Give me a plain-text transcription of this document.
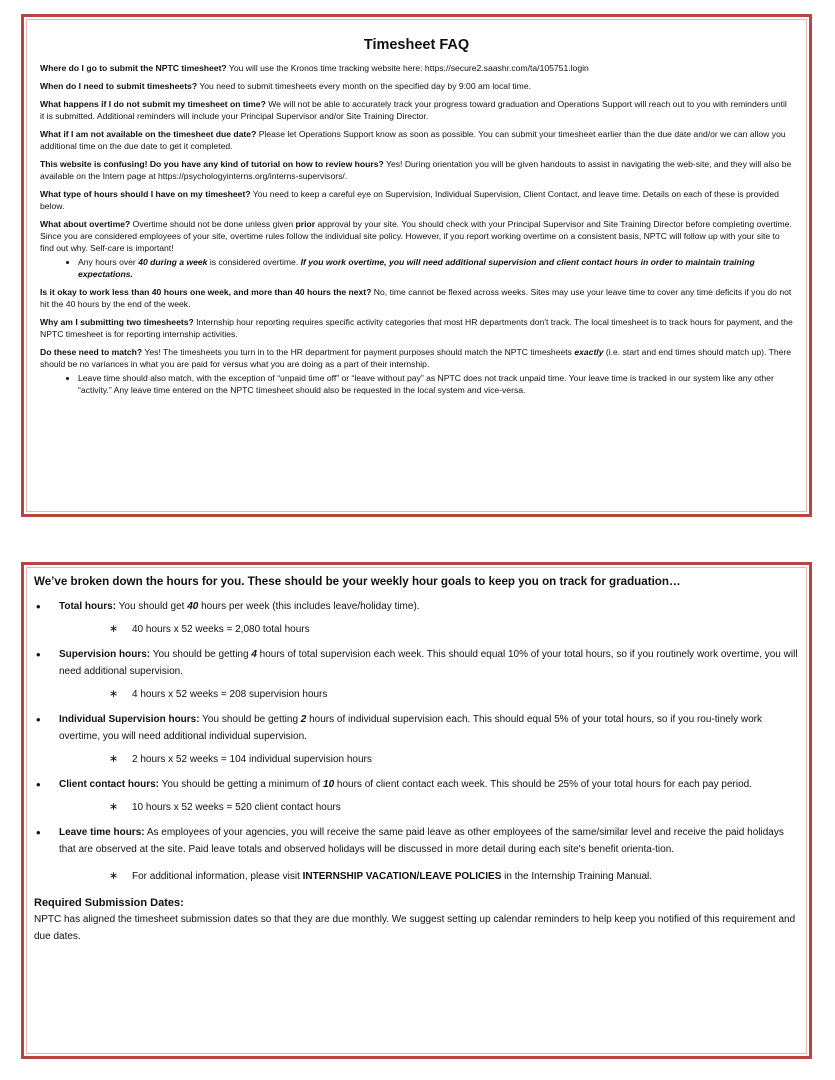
Timesheet FAQ

Where do I go to submit the NPTC timesheet? You will use the Kronos time tracking website here: https://secure2.saashr.com/ta/105751.login

When do I need to submit timesheets? You need to submit timesheets every month on the specified day by 9:00 am local time.

What happens if I do not submit my timesheet on time? We will not be able to accurately track your progress toward graduation and Operations Support will reach out to you with reminders until it is submitted. Additional reminders will include your Principal Supervisor and/or Site Training Director.

What if I am not available on the timesheet due date? Please let Operations Support know as soon as possible. You can submit your timesheet earlier than the due date and/or we can allow you additional time on the due date to get it completed.

This website is confusing! Do you have any kind of tutorial on how to review hours? Yes! During orientation you will be given handouts to assist in navigating the web-site, and they will also be available on the Intern page at https://psychologyinterns.org/interns-supervisors/.

What type of hours should I have on my timesheet? You need to keep a careful eye on Supervision, Individual Supervision, Client Contact, and leave time. Details on each of these is provided below.

What about overtime? Overtime should not be done unless given prior approval by your site. You should check with your Principal Supervisor and Site Training Director before completing overtime. Since you are considered employees of your site, overtime rules follow the individual site policy. However, if you report working overtime on a consistent basis, NPTC will follow up with your site to find out why. Self-care is important!

• Any hours over 40 during a week is considered overtime. If you work overtime, you will need additional supervision and client contact hours in order to maintain training expectations.

Is it okay to work less than 40 hours one week, and more than 40 hours the next? No, time cannot be flexed across weeks. Sites may use your leave time to cover any time deficits if you do not hit the 40 hours by the end of the week.

Why am I submitting two timesheets? Internship hour reporting requires specific activity categories that most HR departments don't track. The local timesheet is to track hours for payment, and the NPTC timesheet is for reporting internship activities.

Do these need to match? Yes! The timesheets you turn in to the HR department for payment purposes should match the NPTC timesheets exactly (i.e. start and end times should match up). There should be no variances in what you are paid for versus what you are doing as a part of their internship.

• Leave time should also match, with the exception of “unpaid time off” or “leave without pay” as NPTC does not track unpaid time. Your leave time is tracked in our system like any other “activity.” Any leave time entered on the NPTC timesheet should also be requested in the local system and vice-versa.
We’ve broken down the hours for you. These should be your weekly hour goals to keep you on track for graduation…
• Total hours: You should get 40 hours per week (this includes leave/holiday time).
∗ 40 hours x 52 weeks = 2,080 total hours
• Supervision hours: You should be getting 4 hours of total supervision each week. This should equal 10% of your total hours, so if you routinely work overtime, you will need additional supervision.
∗ 4 hours x 52 weeks = 208 supervision hours
• Individual Supervision hours: You should be getting 2 hours of individual supervision each. This should equal 5% of your total hours, so if you rou-tinely work overtime, you will need additional individual supervision.
∗ 2 hours x 52 weeks = 104 individual supervision hours
• Client contact hours: You should be getting a minimum of 10 hours of client contact each week. This should be 25% of your total hours for each pay period.
∗ 10 hours x 52 weeks = 520 client contact hours
• Leave time hours: As employees of your agencies, you will receive the same paid leave as other employees of the same/similar level and receive the paid holidays that are observed at the site. Paid leave totals and observed holidays will be discussed in more detail during each site's benefit orienta-tion.
∗ For additional information, please visit INTERNSHIP VACATION/LEAVE POLICIES in the Internship Training Manual.
Required Submission Dates:

NPTC has aligned the timesheet submission dates so that they are due monthly. We suggest setting up calendar reminders to help keep you notified of this requirement and due dates.
